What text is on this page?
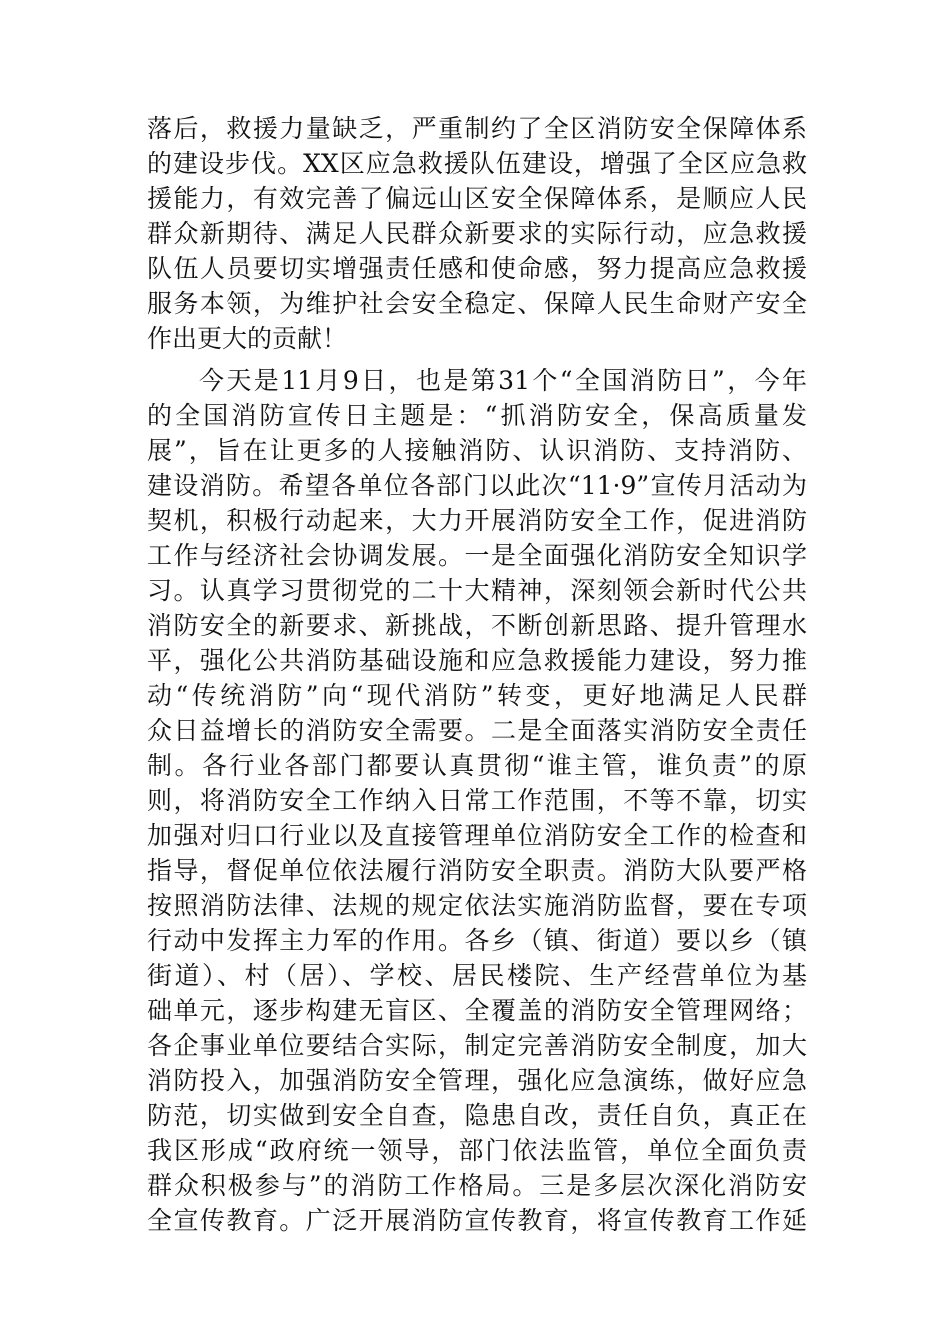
落后，救援力量缺乏，严重制约了全区消防安全保障体系
的建设步伐。XX区应急救援队伍建设，增强了全区应急救
援能力，有效完善了偏远山区安全保障体系，是顺应人民
群众新期待、满足人民群众新要求的实际行动，应急救援
队伍人员要切实增强责任感和使命感，努力提高应急救援
服务本领，为维护社会安全稳定、保障人民生命财产安全
作出更大的贡献！
今天是11月9日，也是第31个“全国消防日”，今年
的全国消防宣传日主题是：“抓消防安全，保高质量发
展”，旨在让更多的人接触消防、认识消防、支持消防、
建设消防。希望各单位各部门以此次“11·9”宣传月活动为
契机，积极行动起来，大力开展消防安全工作，促进消防
工作与经济社会协调发展。一是全面强化消防安全知识学
习。认真学习贯彻党的二十大精神，深刻领会新时代公共
消防安全的新要求、新挑战，不断创新思路、提升管理水
平，强化公共消防基础设施和应急救援能力建设，努力推
动“传统消防”向“现代消防”转变，更好地满足人民群
众日益增长的消防安全需要。二是全面落实消防安全责任
制。各行业各部门都要认真贯彻“谁主管，谁负责”的原
则，将消防安全工作纳入日常工作范围，不等不靠，切实
加强对归口行业以及直接管理单位消防安全工作的检查和
指导，督促单位依法履行消防安全职责。消防大队要严格
按照消防法律、法规的规定依法实施消防监督，要在专项
行动中发挥主力军的作用。各乡（镇、街道）要以乡（镇
街道）、村（居）、学校、居民楼院、生产经营单位为基
础单元，逐步构建无盲区、全覆盖的消防安全管理网络；
各企事业单位要结合实际，制定完善消防安全制度，加大
消防投入，加强消防安全管理，强化应急演练，做好应急
防范，切实做到安全自查，隐患自改，责任自负，真正在
我区形成“政府统一领导，部门依法监管，单位全面负责
群众积极参与”的消防工作格局。三是多层次深化消防安
全宣传教育。广泛开展消防宣传教育，将宣传教育工作延
